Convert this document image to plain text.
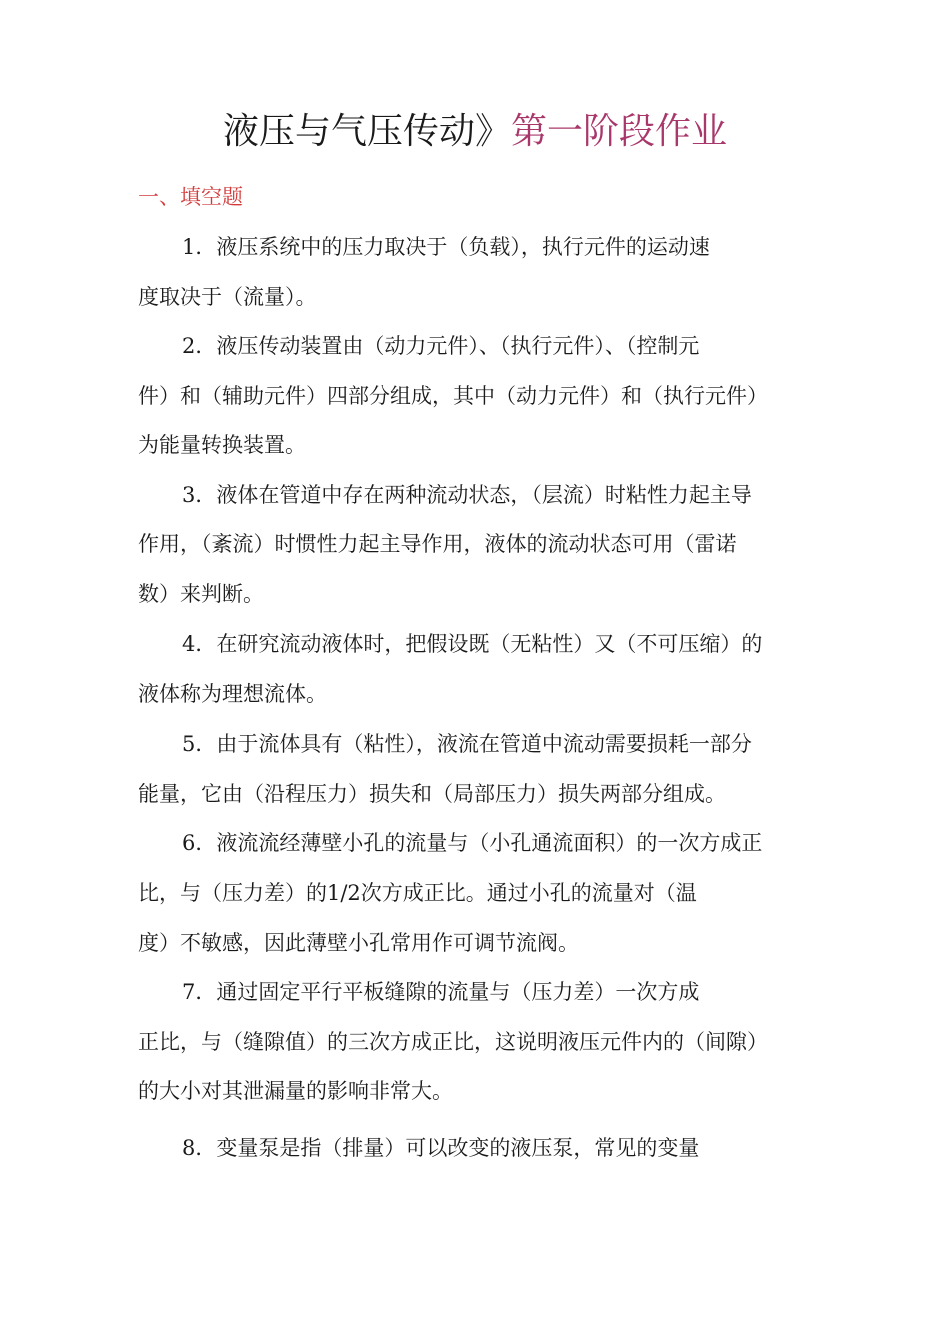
液压与气压传动》第一阶段作业
一、填空题
1．液压系统中的压力取决于（负载），执行元件的运动速
度取决于（流量）。
2．液压传动装置由（动力元件）、（执行元件）、（控制元
件）和（辅助元件）四部分组成，其中（动力元件）和（执行元件）
为能量转换装置。
3．液体在管道中存在两种流动状态，（层流）时粘性力起主导
作用，（紊流）时惯性力起主导作用，液体的流动状态可用（雷诺
数）来判断。
4．在研究流动液体时，把假设既（无粘性）又（不可压缩）的
液体称为理想流体。
5．由于流体具有（粘性），液流在管道中流动需要损耗一部分
能量，它由（沿程压力）损失和（局部压力）损失两部分组成。
6．液流流经薄壁小孔的流量与（小孔通流面积）的一次方成正
比，与（压力差）的1/2次方成正比。通过小孔的流量对（温
度）不敏感，因此薄壁小孔常用作可调节流阀。
7．通过固定平行平板缝隙的流量与（压力差）一次方成
正比，与（缝隙值）的三次方成正比，这说明液压元件内的（间隙）
的大小对其泄漏量的影响非常大。
8．变量泵是指（排量）可以改变的液压泵，常见的变量
